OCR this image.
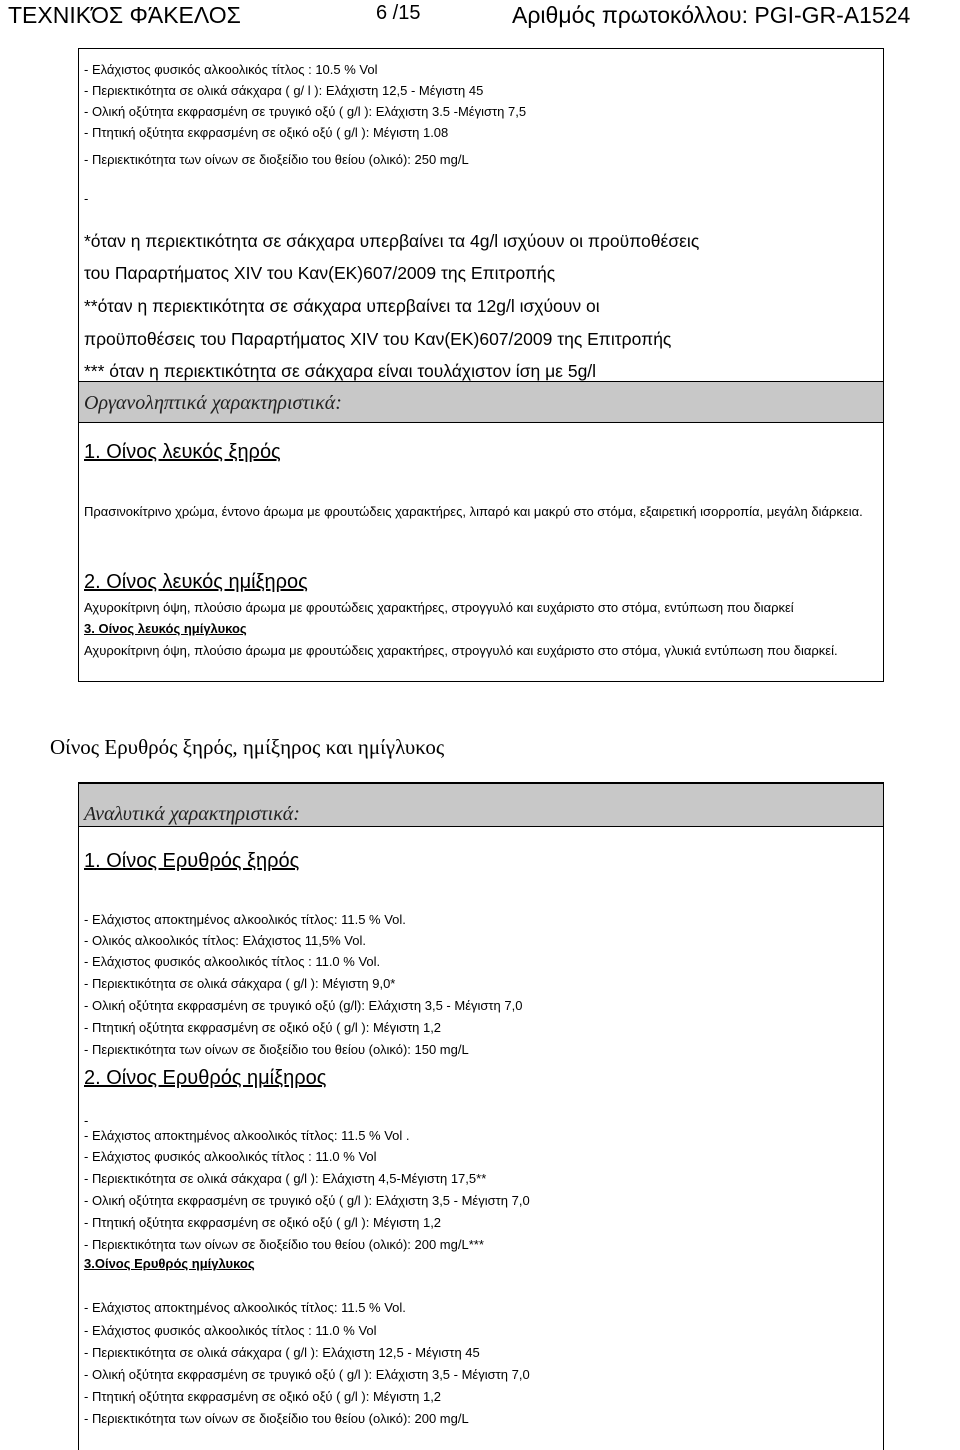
ΤΕΧΝΙΚΌΣ ΦΆΚΕΛΟΣ	6 /15	Αριθμός πρωτοκόλλου: PGI-GR-A1524
- Ελάχιστος φυσικός αλκοολικός τίτλος : 10.5 % Vol
- Περιεκτικότητα σε ολικά σάκχαρα ( g/ l ): Ελάχιστη 12,5 - Μέγιστη 45
- Ολική οξύτητα εκφρασμένη σε τρυγικό οξύ ( g/l ): Ελάχιστη 3.5 -Μέγιστη 7,5
- Πτητική οξύτητα εκφρασμένη σε οξικό οξύ ( g/l ): Μέγιστη 1.08
- Περιεκτικότητα των οίνων σε διοξείδιο του θείου (ολικό): 250 mg/L
-
*όταν η περιεκτικότητα σε σάκχαρα υπερβαίνει τα 4g/l ισχύουν οι προϋποθέσεις
του Παραρτήματος XIV του Καν(ΕΚ)607/2009 της Επιτροπής
**όταν η περιεκτικότητα σε σάκχαρα υπερβαίνει τα 12g/l ισχύουν οι
προϋποθέσεις του Παραρτήματος XIV του Καν(ΕΚ)607/2009 της Επιτροπής
*** όταν η περιεκτικότητα σε σάκχαρα είναι τουλάχιστον ίση με 5g/l
Οργανοληπτικά χαρακτηριστικά:
1. Οίνος λευκός ξηρός
Πρασινοκίτρινο χρώμα, έντονο άρωμα με φρουτώδεις χαρακτήρες, λιπαρό και μακρύ στο στόμα, εξαιρετική ισορροπία, μεγάλη διάρκεια.
2. Οίνος λευκός ημίξηρος
Αχυροκίτρινη όψη, πλούσιο άρωμα με φρουτώδεις χαρακτήρες, στρογγυλό και ευχάριστο στο στόμα, εντύπωση που διαρκεί
3. Οίνος λευκός ημίγλυκος
Αχυροκίτρινη όψη, πλούσιο άρωμα με φρουτώδεις χαρακτήρες, στρογγυλό και ευχάριστο στο στόμα, γλυκιά εντύπωση που διαρκεί.
Οίνος Ερυθρός ξηρός, ημίξηρος και ημίγλυκος
Αναλυτικά χαρακτηριστικά:
1. Οίνος Ερυθρός ξηρός
- Ελάχιστος αποκτημένος αλκοολικός τίτλος: 11.5 % Vol.
- Ολικός αλκοολικός τίτλος: Ελάχιστος 11,5% Vol.
- Ελάχιστος φυσικός αλκοολικός τίτλος : 11.0 % Vol.
- Περιεκτικότητα σε ολικά σάκχαρα ( g/l ): Μέγιστη 9,0*
- Ολική οξύτητα εκφρασμένη σε τρυγικό οξύ (g/l): Ελάχιστη 3,5 - Μέγιστη 7,0
- Πτητική οξύτητα εκφρασμένη σε οξικό οξύ ( g/l ): Μέγιστη 1,2
- Περιεκτικότητα των οίνων σε διοξείδιο του θείου (ολικό): 150 mg/L
2. Οίνος Ερυθρός ημίξηρος
-
- Ελάχιστος αποκτημένος αλκοολικός τίτλος: 11.5 % Vol .
- Ελάχιστος φυσικός αλκοολικός τίτλος : 11.0 % Vol
- Περιεκτικότητα σε ολικά σάκχαρα ( g/l ): Ελάχιστη 4,5-Μέγιστη 17,5**
- Ολική οξύτητα εκφρασμένη σε τρυγικό οξύ ( g/l ): Ελάχιστη 3,5 - Μέγιστη 7,0
- Πτητική οξύτητα εκφρασμένη σε οξικό οξύ ( g/l ): Μέγιστη 1,2
- Περιεκτικότητα των οίνων σε διοξείδιο του θείου (ολικό): 200 mg/L***
3.Οίνος Ερυθρός ημίγλυκος
- Ελάχιστος αποκτημένος αλκοολικός τίτλος: 11.5 % Vol.
- Ελάχιστος φυσικός αλκοολικός τίτλος : 11.0 % Vol
- Περιεκτικότητα σε ολικά σάκχαρα ( g/l ): Ελάχιστη 12,5 - Μέγιστη 45
- Ολική οξύτητα εκφρασμένη σε τρυγικό οξύ ( g/l ): Ελάχιστη 3,5 - Μέγιστη 7,0
- Πτητική οξύτητα εκφρασμένη σε οξικό οξύ ( g/l ): Μέγιστη 1,2
- Περιεκτικότητα των οίνων σε διοξείδιο του θείου (ολικό): 200 mg/L
